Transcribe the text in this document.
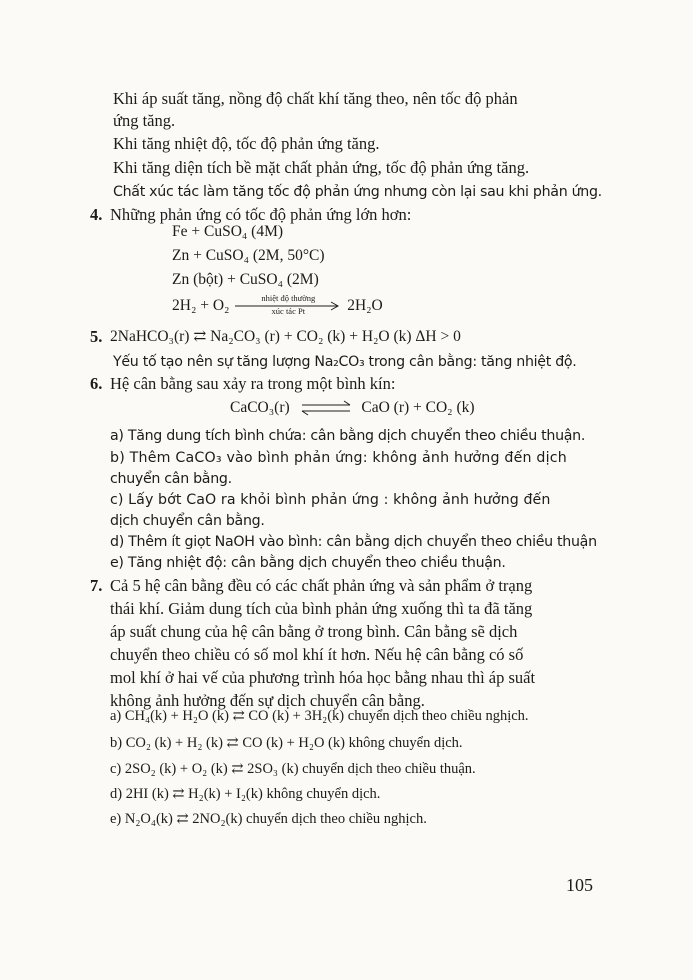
Khi áp suất tăng, nồng độ chất khí tăng theo, nên tốc độ phản
ứng tăng.
Khi tăng nhiệt độ, tốc độ phản ứng tăng.
Khi tăng diện tích bề mặt chất phản ứng, tốc độ phản ứng tăng.
Chất xúc tác làm tăng tốc độ phản ứng nhưng còn lại sau khi phản ứng.
4. Những phản ứng có tốc độ phản ứng lớn hơn:
Fe + CuSO₄ (4M)
Zn + CuSO₄ (2M, 50°C)
Zn (bột) + CuSO₄ (2M)
2H₂ + O₂	nhiệt độ thường
xúc tác Pt	2H₂O
5. 2NaHCO₃(r) ⇄ Na₂CO₃ (r) + CO₂ (k) + H₂O (k) ΔH > 0
Yếu tố tạo nên sự tăng lượng Na₂CO₃ trong cân bằng: tăng nhiệt độ.
6. Hệ cân bằng sau xảy ra trong một bình kín:
CaCO₃(r) ⇌ CaO (r) + CO₂ (k)
a) Tăng dung tích bình chứa: cân bằng dịch chuyển theo chiều thuận.
b) Thêm CaCO₃ vào bình phản ứng: không ảnh hưởng đến dịch
chuyển cân bằng.
c) Lấy bớt CaO ra khỏi bình phản ứng : không ảnh hưởng đến
dịch chuyển cân bằng.
d) Thêm ít giọt NaOH vào bình: cân bằng dịch chuyển theo chiều thuận
e) Tăng nhiệt độ: cân bằng dịch chuyển theo chiều thuận.
7. Cả 5 hệ cân bằng đều có các chất phản ứng và sản phẩm ở trạng
thái khí. Giảm dung tích của bình phản ứng xuống thì ta đã tăng
áp suất chung của hệ cân bằng ở trong bình. Cân bằng sẽ dịch
chuyển theo chiều có số mol khí ít hơn. Nếu hệ cân bằng có số
mol khí ở hai vế của phương trình hóa học bằng nhau thì áp suất
không ảnh hưởng đến sự dịch chuyển cân bằng.
a) CH₄(k) + H₂O (k) ⇄ CO (k) + 3H₂(k) chuyển dịch theo chiều nghịch.
b) CO₂ (k) + H₂ (k) ⇄ CO (k) + H₂O (k) không chuyển dịch.
c) 2SO₂ (k) + O₂ (k) ⇄ 2SO₃ (k) chuyển dịch theo chiều thuận.
d) 2HI (k) ⇄ H₂(k) + I₂(k) không chuyển dịch.
e) N₂O₄(k) ⇄ 2NO₂(k) chuyển dịch theo chiều nghịch.
105
